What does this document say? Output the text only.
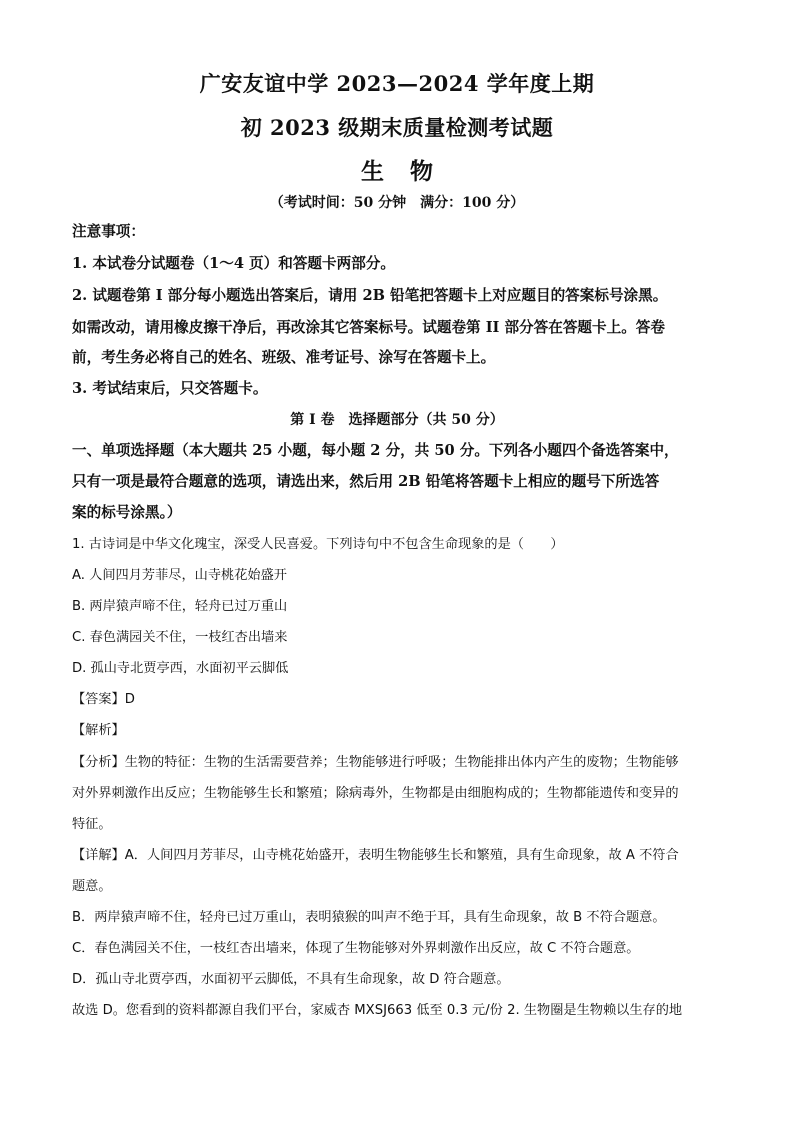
广安友谊中学 2023—2024 学年度上期
初 2023 级期末质量检测考试题
生物
（考试时间：50 分钟　满分：100 分）
注意事项：
1. 本试卷分试题卷（1～4 页）和答题卡两部分。
2. 试题卷第 I 部分每小题选出答案后，请用 2B 铅笔把答题卡上对应题目的答案标号涂黑。
如需改动，请用橡皮擦干净后，再改涂其它答案标号。试题卷第 II 部分答在答题卡上。答卷
前，考生务必将自己的姓名、班级、准考证号、涂写在答题卡上。
3. 考试结束后，只交答题卡。
第 I 卷　选择题部分（共 50 分）
一、单项选择题（本大题共 25 小题，每小题 2 分，共 50 分。下列各小题四个备选答案中，
只有一项是最符合题意的选项，请选出来，然后用 2B 铅笔将答题卡上相应的题号下所选答
案的标号涂黑。）
1. 古诗词是中华文化瑰宝，深受人民喜爱。下列诗句中不包含生命现象的是（　　）
A. 人间四月芳菲尽，山寺桃花始盛开
B. 两岸猿声啼不住，轻舟已过万重山
C. 春色满园关不住，一枝红杏出墙来
D. 孤山寺北贾亭西，水面初平云脚低
【答案】D
【解析】
【分析】生物的特征：生物的生活需要营养；生物能够进行呼吸；生物能排出体内产生的废物；生物能够
对外界刺激作出反应；生物能够生长和繁殖；除病毒外，生物都是由细胞构成的；生物都能遗传和变异的
特征。
【详解】A．人间四月芳菲尽，山寺桃花始盛开，表明生物能够生长和繁殖，具有生命现象，故 A 不符合
题意。
B．两岸猿声啼不住，轻舟已过万重山，表明猿猴的叫声不绝于耳，具有生命现象，故 B 不符合题意。
C．春色满园关不住，一枝红杏出墙来，体现了生物能够对外界刺激作出反应，故 C 不符合题意。
D．孤山寺北贾亭西，水面初平云脚低，不具有生命现象，故 D 符合题意。
故选 D。您看到的资料都源自我们平台，家威杏 MXSJ663 低至 0.3 元/份 2. 生物圈是生物赖以生存的地
